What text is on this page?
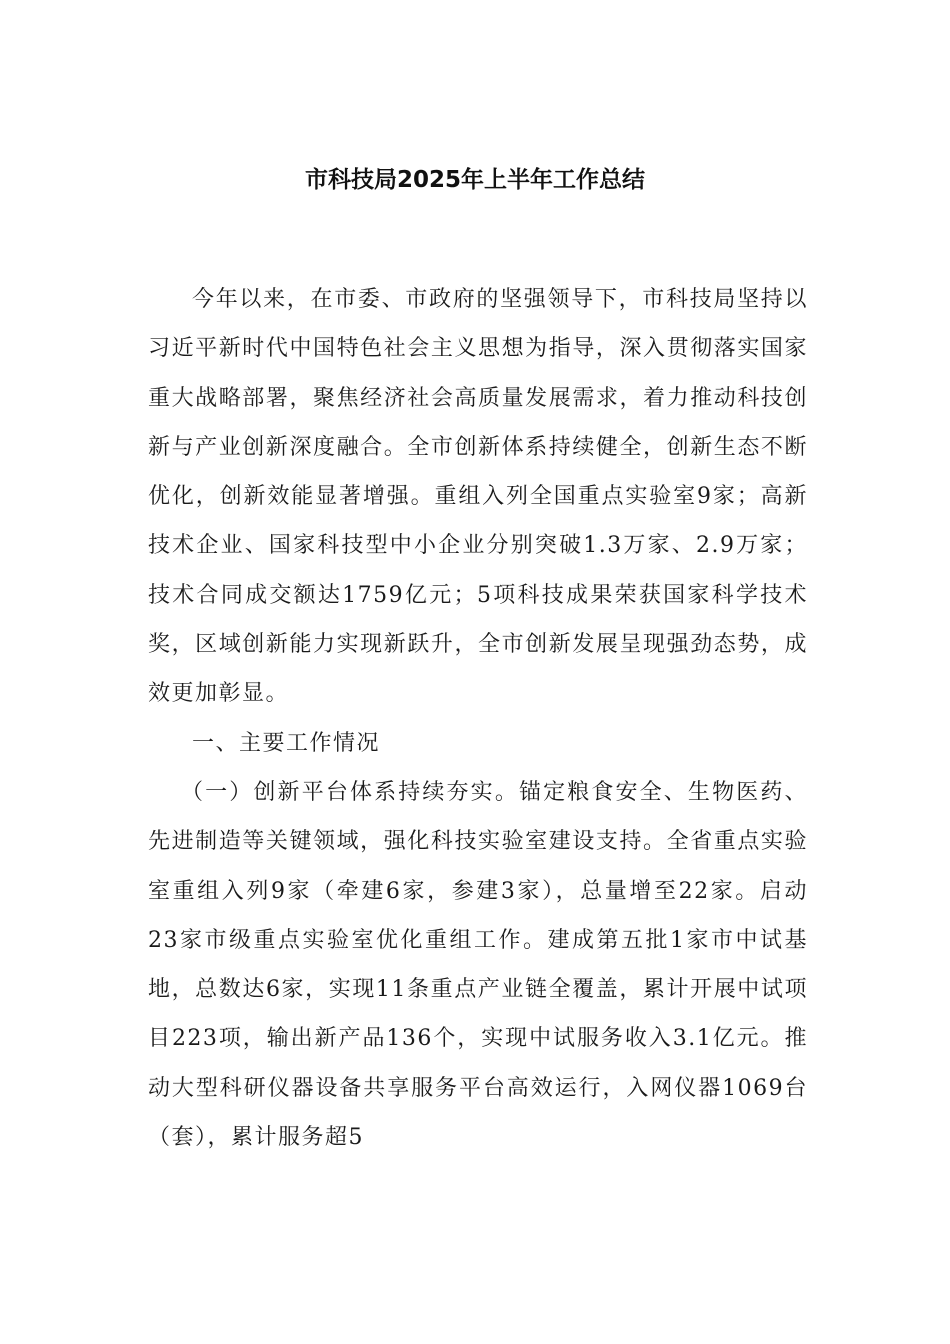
市科技局2025年上半年工作总结

今年以来，在市委、市政府的坚强领导下，市科技局坚持以习近平新时代中国特色社会主义思想为指导，深入贯彻落实国家重大战略部署，聚焦经济社会高质量发展需求，着力推动科技创新与产业创新深度融合。全市创新体系持续健全，创新生态不断优化，创新效能显著增强。重组入列全国重点实验室9家；高新技术企业、国家科技型中小企业分别突破1.3万家、2.9万家；技术合同成交额达1759亿元；5项科技成果荣获国家科学技术奖，区域创新能力实现新跃升，全市创新发展呈现强劲态势，成效更加彰显。

一、主要工作情况

（一）创新平台体系持续夯实。锚定粮食安全、生物医药、先进制造等关键领域，强化科技实验室建设支持。全省重点实验室重组入列9家（牵建6家，参建3家），总量增至22家。启动23家市级重点实验室优化重组工作。建成第五批1家市中试基地，总数达6家，实现11条重点产业链全覆盖，累计开展中试项目223项，输出新产品136个，实现中试服务收入3.1亿元。推动大型科研仪器设备共享服务平台高效运行，入网仪器1069台（套），累计服务超5
